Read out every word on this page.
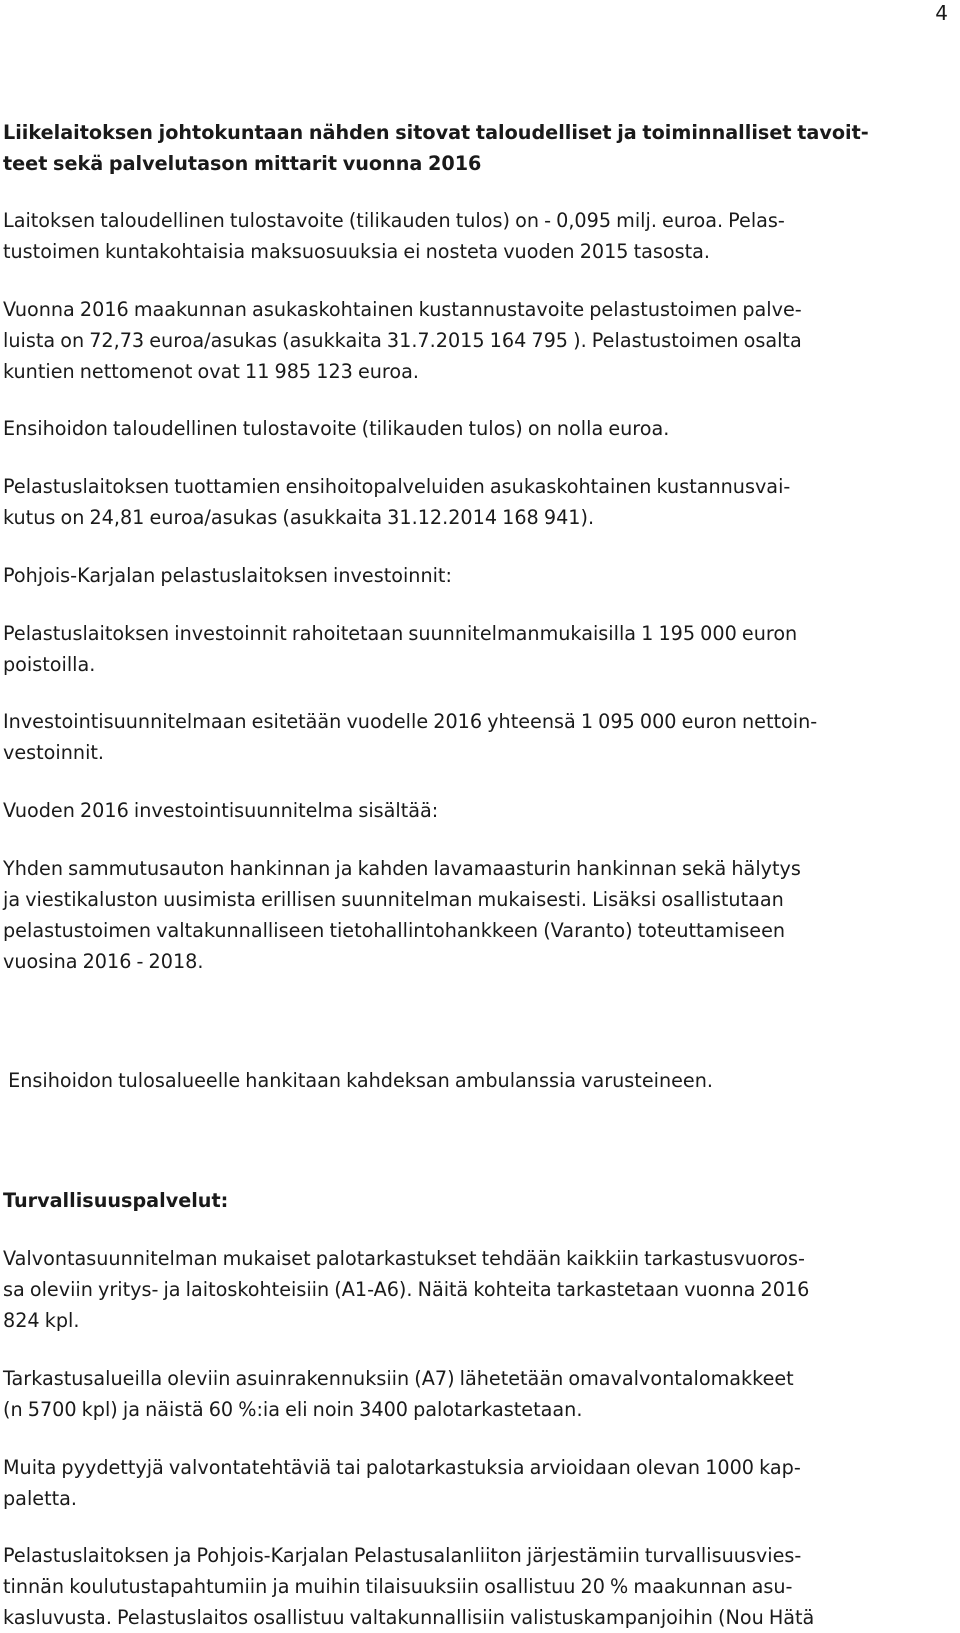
4

Liikelaitoksen johtokuntaan nähden sitovat taloudelliset ja toiminnalliset tavoit-
teet sekä palvelutason mittarit vuonna 2016

Laitoksen taloudellinen tulostavoite (tilikauden tulos) on - 0,095 milj. euroa. Pelas-
tustoimen kuntakohtaisia maksuosuuksia ei nosteta vuoden 2015 tasosta.

Vuonna 2016 maakunnan asukaskohtainen kustannustavoite pelastustoimen palve-
luista on 72,73 euroa/asukas (asukkaita 31.7.2015 164 795 ). Pelastustoimen osalta
kuntien nettomenot ovat 11 985 123 euroa.

Ensihoidon taloudellinen tulostavoite (tilikauden tulos) on nolla euroa.

Pelastuslaitoksen tuottamien ensihoitopalveluiden asukaskohtainen kustannusvai-
kutus on 24,81 euroa/asukas (asukkaita 31.12.2014 168 941).

Pohjois-Karjalan pelastuslaitoksen investoinnit:

Pelastuslaitoksen investoinnit rahoitetaan suunnitelmanmukaisilla 1 195 000 euron
poistoilla.

Investointisuunnitelmaan esitetään vuodelle 2016 yhteensä 1 095 000 euron nettoin-
vestoinnit.

Vuoden 2016 investointisuunnitelma sisältää:

Yhden sammutusauton hankinnan ja kahden lavamaasturin hankinnan sekä hälytys
ja viestikaluston uusimista erillisen suunnitelman mukaisesti. Lisäksi osallistutaan
pelastustoimen valtakunnalliseen tietohallintohankkeen (Varanto) toteuttamiseen
vuosina 2016 - 2018.

Ensihoidon tulosalueelle hankitaan kahdeksan ambulanssia varusteineen.

Turvallisuuspalvelut:

Valvontasuunnitelman mukaiset palotarkastukset tehdään kaikkiin tarkastusvuoros-
sa oleviin yritys- ja laitoskohteisiin (A1-A6). Näitä kohteita tarkastetaan vuonna 2016
824 kpl.

Tarkastusalueilla oleviin asuinrakennuksiin (A7) lähetetään omavalvontalomakkeet
(n 5700 kpl) ja näistä 60 %:ia eli noin 3400 palotarkastetaan.

Muita pyydettyjä valvontatehtäviä tai palotarkastuksia arvioidaan olevan 1000 kap-
paletta.

Pelastuslaitoksen ja Pohjois-Karjalan Pelastusalanliiton järjestämiin turvallisuusvies-
tinnän koulutustapahtumiin ja muihin tilaisuuksiin osallistuu 20 % maakunnan asu-
kasluvusta. Pelastuslaitos osallistuu valtakunnallisiin valistuskampanjoihin (Nou Hätä
